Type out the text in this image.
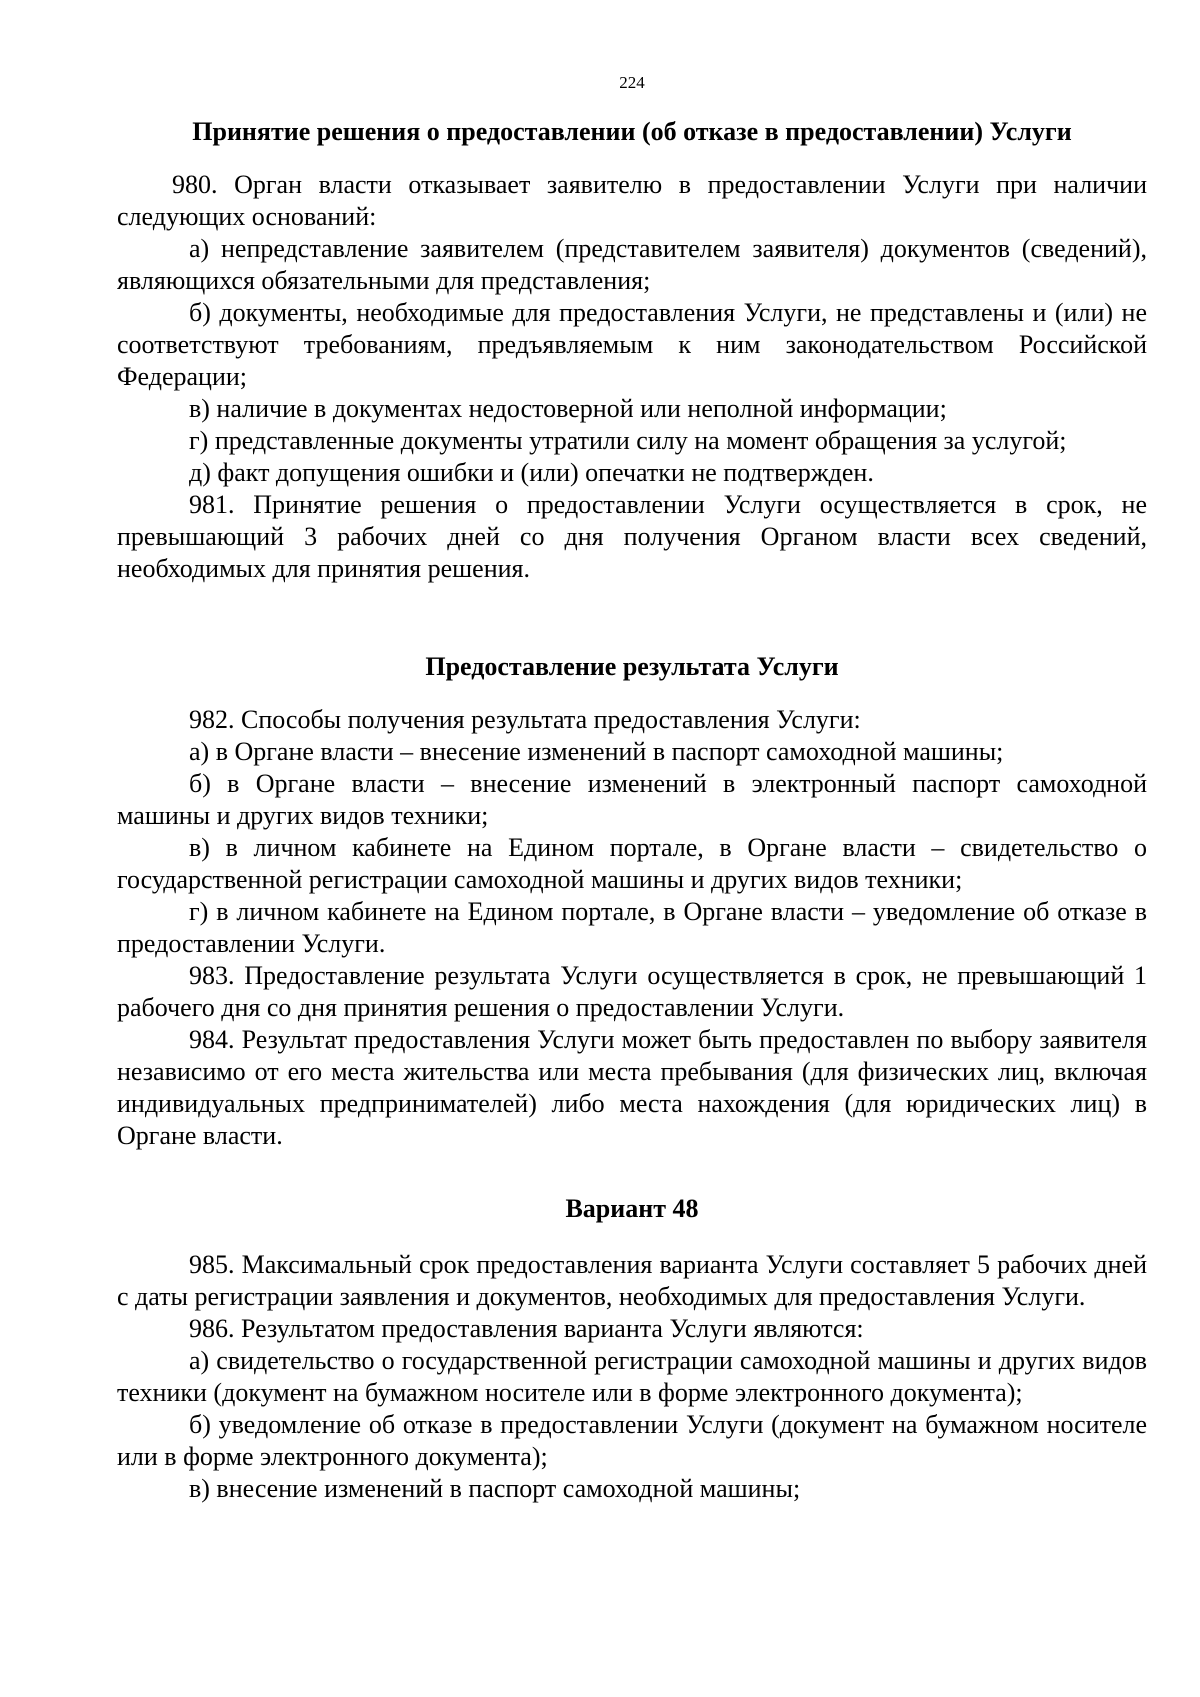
224

Принятие решения о предоставлении (об отказе в предоставлении) Услуги

980. Орган власти отказывает заявителю в предоставлении Услуги при наличии следующих оснований:

а) непредставление заявителем (представителем заявителя) документов (сведений), являющихся обязательными для представления;

б) документы, необходимые для предоставления Услуги, не представлены и (или) не соответствуют требованиям, предъявляемым к ним законодательством Российской Федерации;

в) наличие в документах недостоверной или неполной информации;

г) представленные документы утратили силу на момент обращения за услугой;

д) факт допущения ошибки и (или) опечатки не подтвержден.

981. Принятие решения о предоставлении Услуги осуществляется в срок, не превышающий 3 рабочих дней со дня получения Органом власти всех сведений, необходимых для принятия решения.

Предоставление результата Услуги

982. Способы получения результата предоставления Услуги:

а) в Органе власти – внесение изменений в паспорт самоходной машины;

б) в Органе власти – внесение изменений в электронный паспорт самоходной машины и других видов техники;

в) в личном кабинете на Едином портале, в Органе власти – свидетельство о государственной регистрации самоходной машины и других видов техники;

г) в личном кабинете на Едином портале, в Органе власти – уведомление об отказе в предоставлении Услуги.

983. Предоставление результата Услуги осуществляется в срок, не превышающий 1 рабочего дня со дня принятия решения о предоставлении Услуги.

984. Результат предоставления Услуги может быть предоставлен по выбору заявителя независимо от его места жительства или места пребывания (для физических лиц, включая индивидуальных предпринимателей) либо места нахождения (для юридических лиц) в Органе власти.

Вариант 48

985. Максимальный срок предоставления варианта Услуги составляет 5 рабочих дней с даты регистрации заявления и документов, необходимых для предоставления Услуги.

986. Результатом предоставления варианта Услуги являются:

а) свидетельство о государственной регистрации самоходной машины и других видов техники (документ на бумажном носителе или в форме электронного документа);

б) уведомление об отказе в предоставлении Услуги (документ на бумажном носителе или в форме электронного документа);

в) внесение изменений в паспорт самоходной машины;
